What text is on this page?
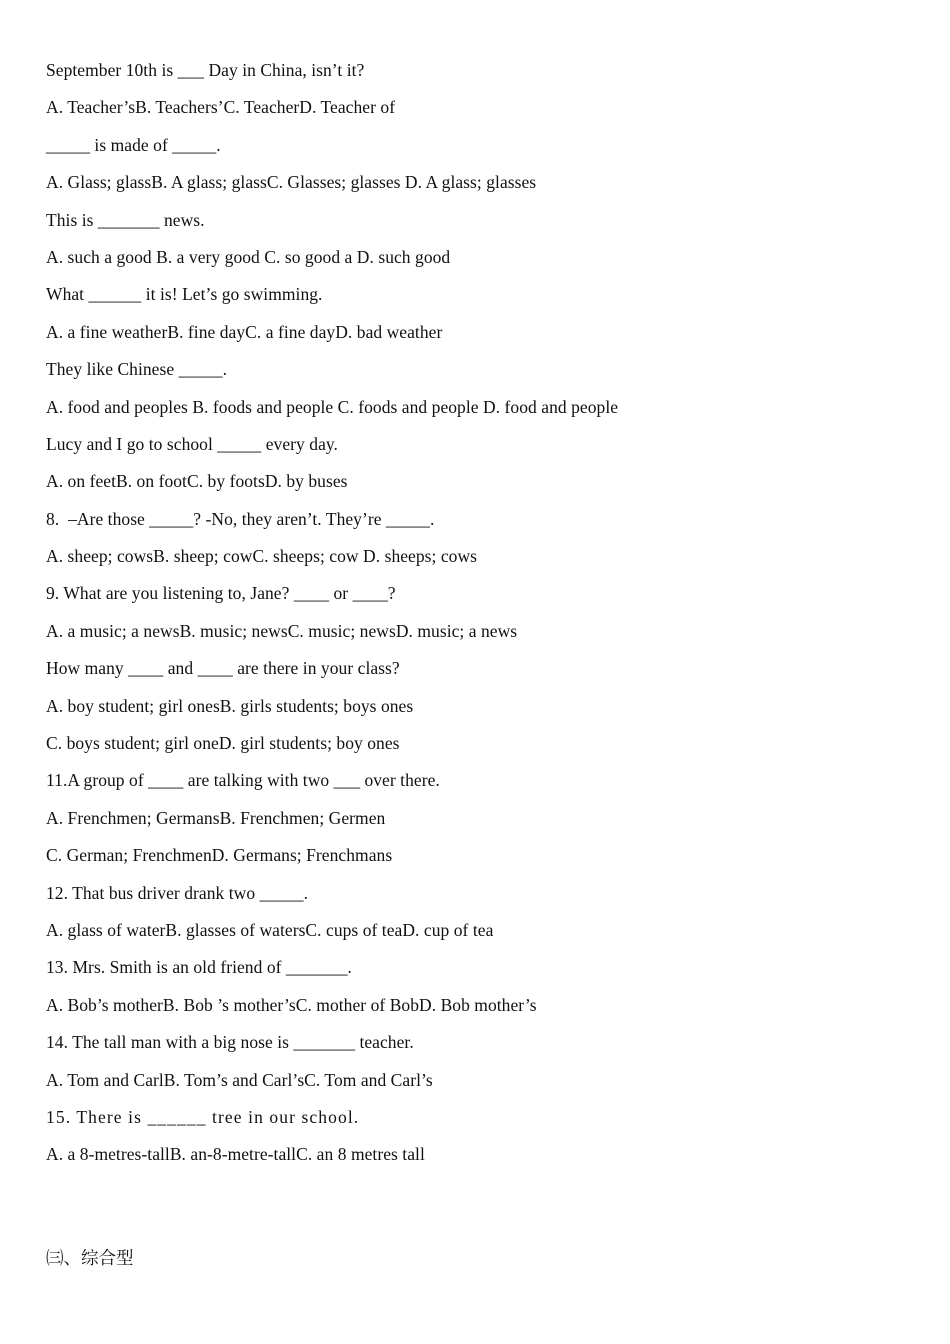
September 10th is ___ Day in China, isn’t it?
A. Teacher’sB. Teachers’C. TeacherD. Teacher of
_____ is made of _____.
A. Glass; glassB. A glass; glassC. Glasses; glasses D. A glass; glasses
This is _______ news.
A. such a good B. a very good C. so good a D. such good
What ______ it is! Let’s go swimming.
A. a fine weatherB. fine dayC. a fine dayD. bad weather
They like Chinese _____.
A. food and peoples B. foods and people C. foods and people D. food and people
Lucy and I go to school _____ every day.
A. on feetB. on footC. by footsD. by buses
8.  –Are those _____? -No, they aren’t. They’re _____.
A. sheep; cowsB. sheep; cowC. sheeps; cow D. sheeps; cows
9. What are you listening to, Jane? ____ or ____?
A. a music; a newsB. music; newsC. music; newsD. music; a news
How many ____ and ____ are there in your class?
A. boy student; girl onesB. girls students; boys ones
C. boys student; girl oneD. girl students; boy ones
11.A group of ____ are talking with two ___ over there.
A. Frenchmen; GermansB. Frenchmen; Germen
C. German; FrenchmenD. Germans; Frenchmans
12. That bus driver drank two _____.
A. glass of waterB. glasses of watersC. cups of teaD. cup of tea
13. Mrs. Smith is an old friend of _______.
A. Bob’s motherB. Bob ’s mother’sC. mother of BobD. Bob mother’s
14. The tall man with a big nose is _______ teacher.
A. Tom and CarlB. Tom’s and Carl’sC. Tom and Carl’s
15. There is ______ tree in our school.
A. a 8-metres-tallB. an-8-metre-tallC. an 8 metres tall
㈢、综合型
